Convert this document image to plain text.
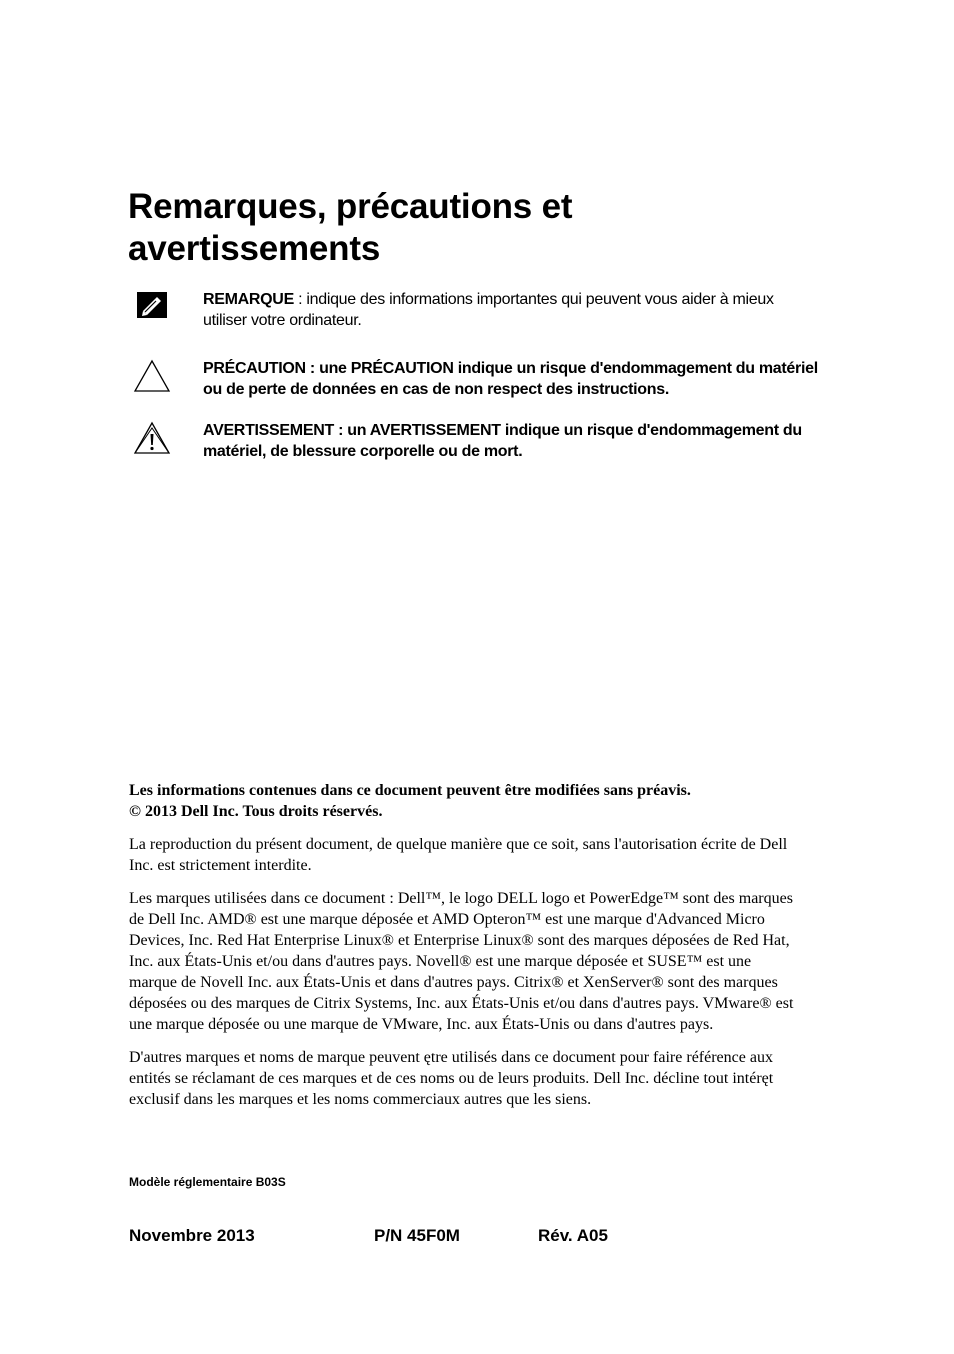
Remarques, précautions et
avertissements
REMARQUE : indique des informations importantes qui peuvent vous aider à mieux utiliser votre ordinateur.
PRÉCAUTION : une PRÉCAUTION indique un risque d'endommagement du matériel ou de perte de données en cas de non respect des instructions.
AVERTISSEMENT : un AVERTISSEMENT indique un risque d'endommagement du matériel, de blessure corporelle ou de mort.

Les informations contenues dans ce document peuvent être modifiées sans préavis.
© 2013 Dell Inc. Tous droits réservés.

La reproduction du présent document, de quelque manière que ce soit, sans l'autorisation écrite de Dell Inc. est strictement interdite.

Les marques utilisées dans ce document : Dell™, le logo DELL logo et PowerEdge™ sont des marques de Dell Inc. AMD® est une marque déposée et AMD Opteron™ est une marque d'Advanced Micro Devices, Inc. Red Hat Enterprise Linux® et Enterprise Linux® sont des marques déposées de Red Hat, Inc. aux États-Unis et/ou dans d'autres pays. Novell® est une marque déposée et SUSE™ est une marque de Novell Inc. aux États-Unis et dans d'autres pays. Citrix® et XenServer® sont des marques déposées ou des marques de Citrix Systems, Inc. aux États-Unis et/ou dans d'autres pays. VMware® est une marque déposée ou une marque de VMware, Inc. aux États-Unis ou dans d'autres pays.

D'autres marques et noms de marque peuvent ętre utilisés dans ce document pour faire référence aux entités se réclamant de ces marques et de ces noms ou de leurs produits. Dell Inc. décline tout intéręt exclusif dans les marques et les noms commerciaux autres que les siens.

Modèle réglementaire B03S
Novembre 2013	P/N 45F0M	Rév. A05
